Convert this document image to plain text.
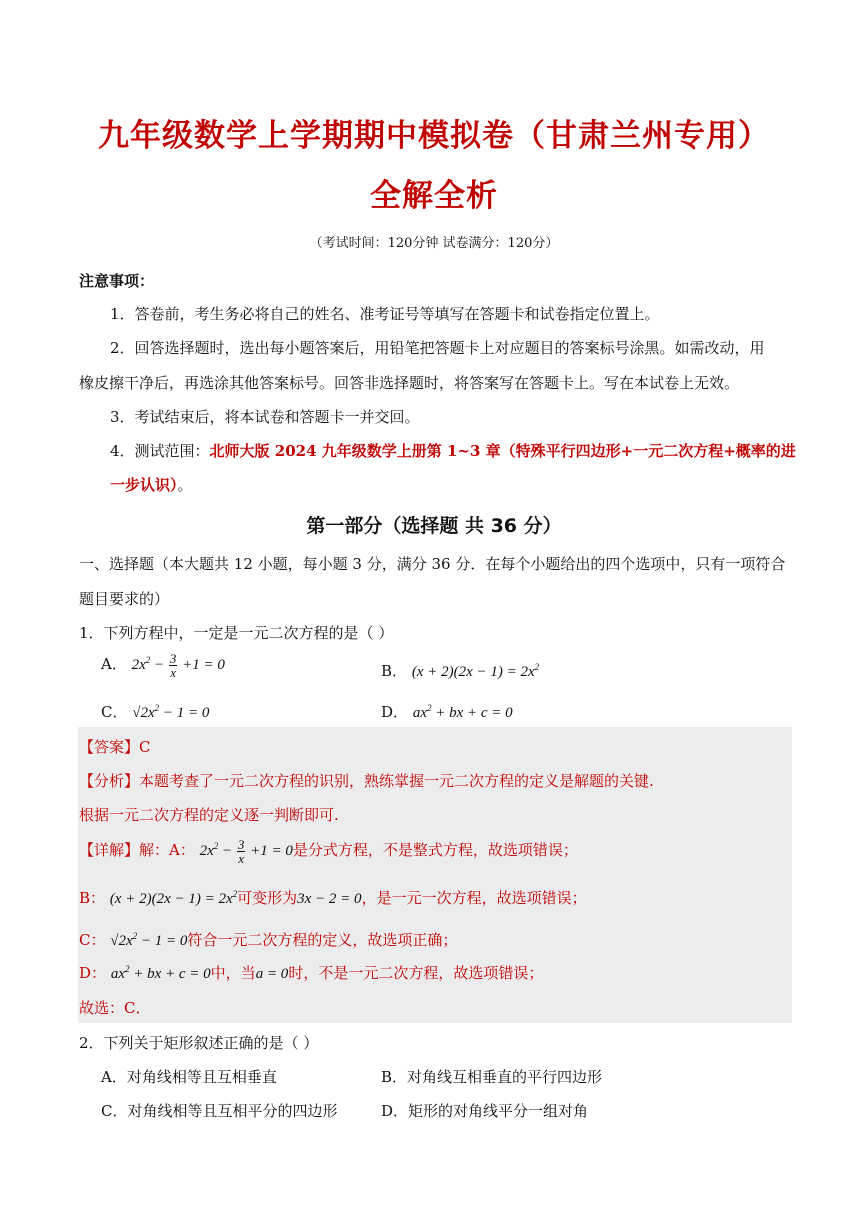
九年级数学上学期期中模拟卷（甘肃兰州专用）
全解全析
（考试时间：120分钟 试卷满分：120分）
注意事项：
1．答卷前，考生务必将自己的姓名、准考证号等填写在答题卡和试卷指定位置上。
2．回答选择题时，选出每小题答案后，用铅笔把答题卡上对应题目的答案标号涂黑。如需改动，用
橡皮擦干净后，再选涂其他答案标号。回答非选择题时，将答案写在答题卡上。写在本试卷上无效。
3．考试结束后，将本试卷和答题卡一并交回。
4．测试范围：北师大版 2024 九年级数学上册第 1~3 章（特殊平行四边形+一元二次方程+概率的进
一步认识）。
第一部分（选择题 共 36 分）
一、选择题（本大题共 12 小题，每小题 3 分，满分 36 分．在每个小题给出的四个选项中，只有一项符合
题目要求的）
1．下列方程中，一定是一元二次方程的是（ ）
A． $2x^2 - \frac{3}{x} +1 = 0$	B． $(x + 2)(2x - 1) = 2x^2$
C． $√2x^2 - 1 = 0$	D． $ax^2$ + bx + c = 0
【答案】C
【分析】本题考查了一元二次方程的识别，熟练掌握一元二次方程的定义是解题的关键.
根据一元二次方程的定义逐一判断即可.
【详解】解：A： $2x^2 - \frac{3}{x} +1 = 0$是分式方程，不是整式方程，故选项错误；
B： $(x + 2)(2x - 1) = 2x^2$可变形为3x − 2 = 0，是一元一次方程，故选项错误；
C： $√2x^2 - 1 = 0$符合一元二次方程的定义，故选项正确；
D： $ax^2$ + bx + c = 0中，当a = 0时，不是一元二次方程，故选项错误；
故选：C．
2．下列关于矩形叙述正确的是（ ）
A．对角线相等且互相垂直	B．对角线互相垂直的平行四边形
C．对角线相等且互相平分的四边形	D．矩形的对角线平分一组对角
